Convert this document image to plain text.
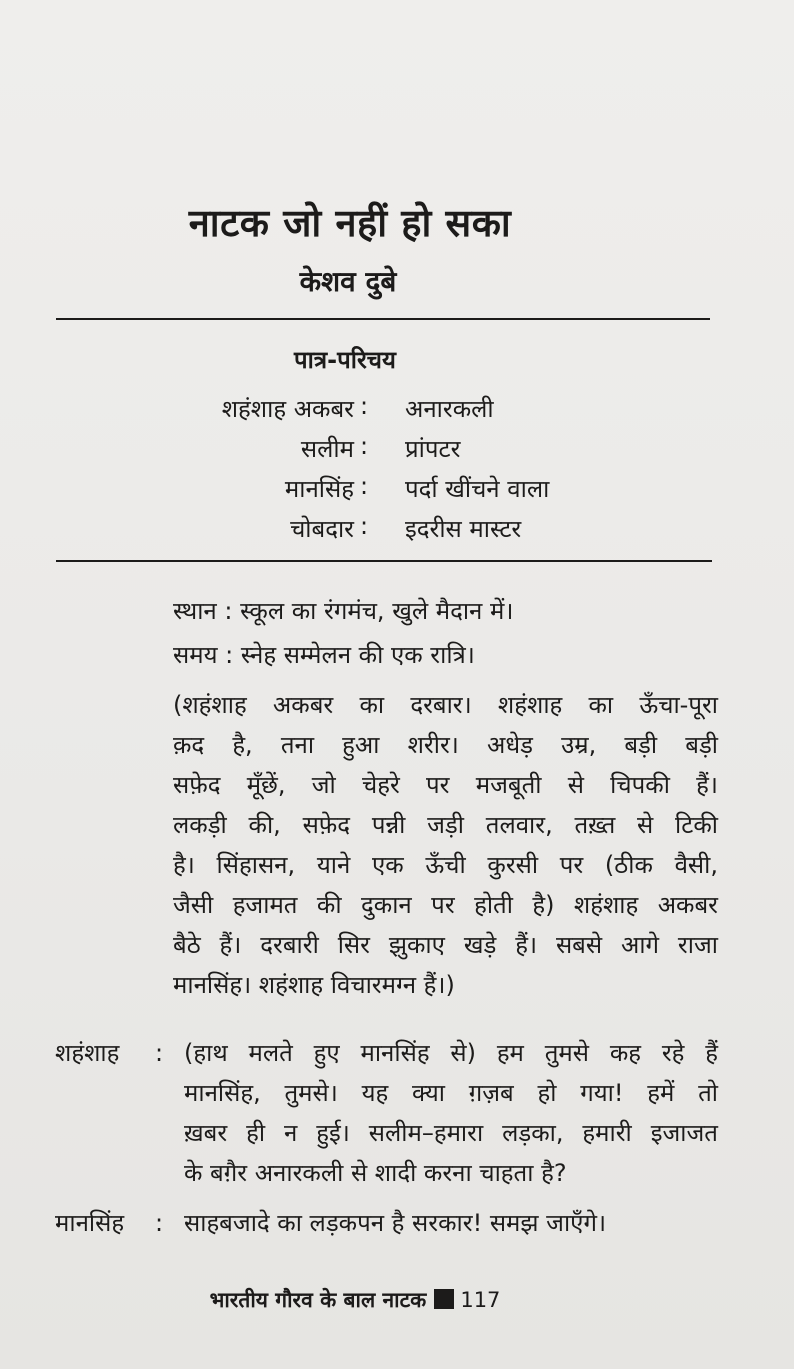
नाटक जो नहीं हो सका
केशव दुबे
पात्र-परिचय
शहंशाह अकबर : अनारकली
सलीम : प्रांपटर
मानसिंह : पर्दा खींचने वाला
चोबदार : इदरीस मास्टर
स्थान : स्कूल का रंगमंच, खुले मैदान में।
समय : स्नेह सम्मेलन की एक रात्रि।
(शहंशाह अकबर का दरबार। शहंशाह का ऊँचा-पूरा
क़द है, तना हुआ शरीर। अधेड़ उम्र, बड़ी बड़ी
सफ़ेद मूँछें, जो चेहरे पर मजबूती से चिपकी हैं।
लकड़ी की, सफ़ेद पन्नी जड़ी तलवार, तख़्त से टिकी
है। सिंहासन, याने एक ऊँची कुरसी पर (ठीक वैसी,
जैसी हजामत की दुकान पर होती है) शहंशाह अकबर
बैठे हैं। दरबारी सिर झुकाए खड़े हैं। सबसे आगे राजा
मानसिंह। शहंशाह विचारमग्न हैं।)
शहंशाह	: (हाथ मलते हुए मानसिंह से) हम तुमसे कह रहे हैं
मानसिंह, तुमसे। यह क्या ग़ज़ब हो गया! हमें तो
ख़बर ही न हुई। सलीम–हमारा लड़का, हमारी इजाजत
के बग़ैर अनारकली से शादी करना चाहता है?
मानसिंह	: साहबजादे का लड़कपन है सरकार! समझ जाएँगे।
भारतीय गौरव के बाल नाटक 117
